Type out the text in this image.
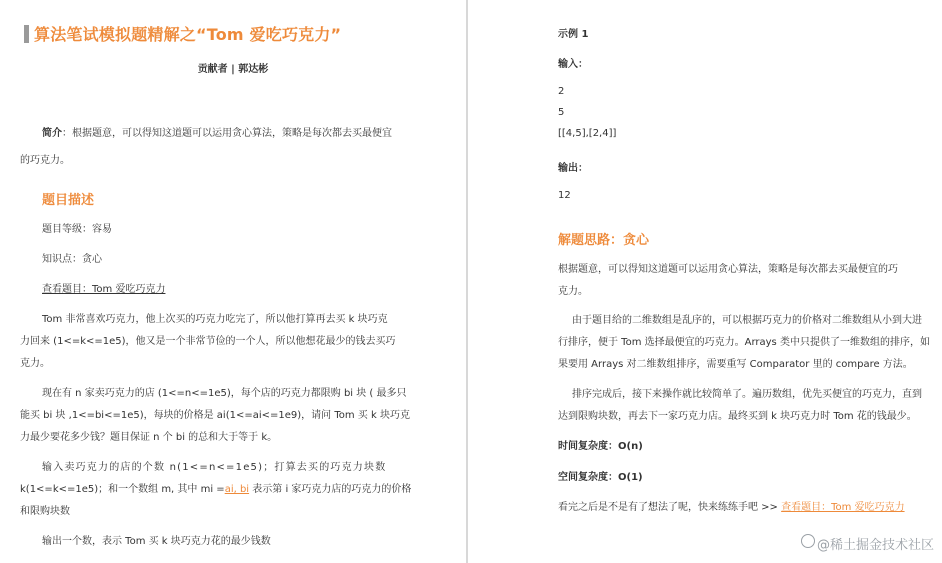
算法笔试模拟题精解之“Tom 爱吃巧克力”
贡献者 | 郭达彬
简介：根据题意，可以得知这道题可以运用贪心算法，策略是每次都去买最便宜
的巧克力。
题目描述
题目等级：容易
知识点：贪心
查看题目：Tom 爱吃巧克力
Tom 非常喜欢巧克力，他上次买的巧克力吃完了，所以他打算再去买 k 块巧克
力回来 (1<=k<=1e5)，他又是一个非常节俭的一个人，所以他想花最少的钱去买巧
克力。
现在有 n 家卖巧克力的店 (1<=n<=1e5)，每个店的巧克力都限购 bi 块 ( 最多只
能买 bi 块 ,1<=bi<=1e5)，每块的价格是 ai(1<=ai<=1e9)，请问 Tom 买 k 块巧克
力最少要花多少钱？题目保证 n 个 bi 的总和大于等于 k。
输入卖巧克力的店的个数 n(1<=n<=1e5)；打算去买的巧克力块数
k(1<=k<=1e5)；和一个数组 m, 其中 mi =ai, bi 表示第 i 家巧克力店的巧克力的价格
和限购块数
输出一个数，表示 Tom 买 k 块巧克力花的最少钱数
示例 1
输入：
2
5
[[4,5],[2,4]]
输出：
12
解题思路：贪心
根据题意，可以得知这道题可以运用贪心算法，策略是每次都去买最便宜的巧
克力。
由于题目给的二维数组是乱序的，可以根据巧克力的价格对二维数组从小到大进
行排序，便于 Tom 选择最便宜的巧克力。Arrays 类中只提供了一维数组的排序，如
果要用 Arrays 对二维数组排序，需要重写 Comparator 里的 compare 方法。
排序完成后，接下来操作就比较简单了。遍历数组，优先买便宜的巧克力，直到
达到限购块数，再去下一家巧克力店。最终买到 k 块巧克力时 Tom 花的钱最少。
时间复杂度：O(n)
空间复杂度：O(1)
看完之后是不是有了想法了呢，快来练练手吧 >> 查看题目：Tom 爱吃巧克力
@稀土掘金技术社区
